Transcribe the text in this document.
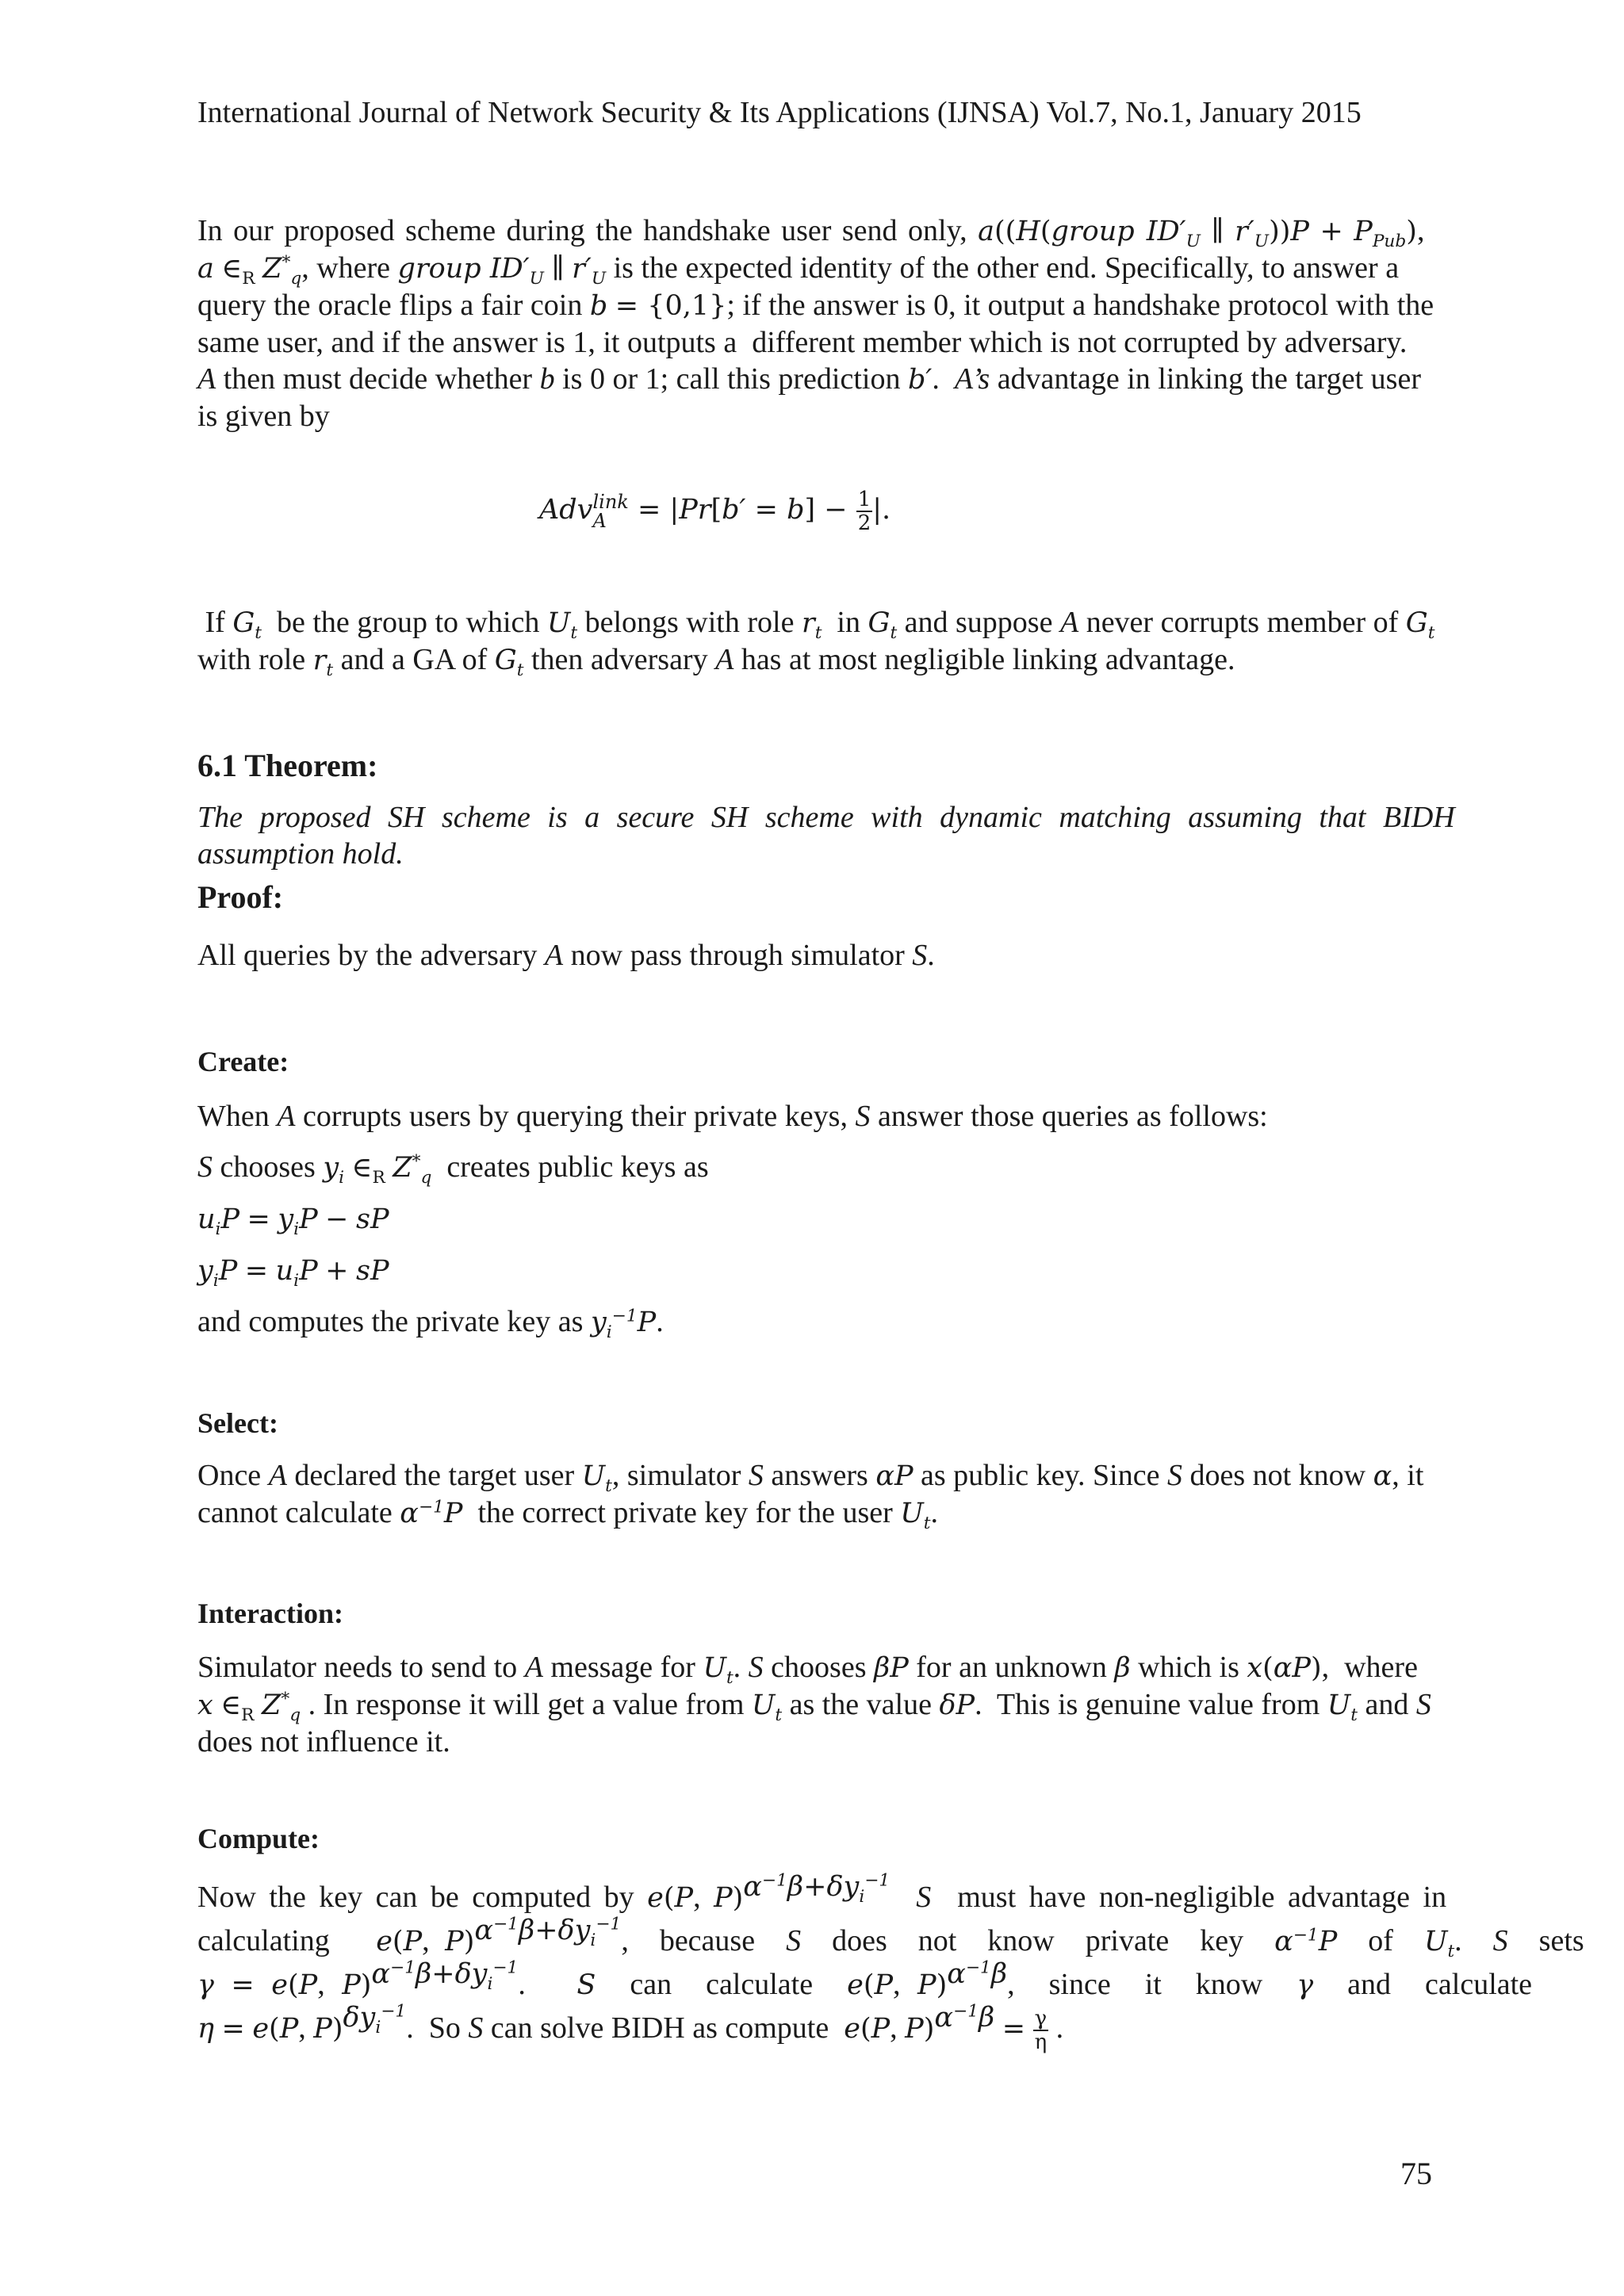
International Journal of Network Security & Its Applications (IJNSA) Vol.7, No.1, January 2015
In our proposed scheme during the handshake user send only, a((H(group $ID'_U$ ∥ $r'_U))P + P_{Pub}$),
a $\in_R$ $Z^*_q$, where group $ID'_U$ ∥ $r'_U$ is the expected identity of the other end. Specifically, to answer a
query the oracle flips a fair coin b = {0,1}; if the answer is 0, it output a handshake protocol with the
same user, and if the answer is 1, it outputs a  different member which is not corrupted by adversary.
A then must decide whether b is 0 or 1; call this prediction b′.  A’s advantage in linking the target user
is given by
Adv link
$A = |Pr[b' = b] - \frac{1}{2}$ |.
If $G_t$  be the group to which $U_t$ belongs with role $r_t$  in $G_t$ and suppose A never corrupts member of $G_t$
with role $r_t$ and a GA of $G_t$ then adversary A has at most negligible linking advantage.
6.1 Theorem:
The proposed SH scheme is a secure SH scheme with dynamic matching assuming that BIDH
assumption hold.
Proof:
All queries by the adversary A now pass through simulator S.
Create:
When A corrupts users by querying their private keys, S answer those queries as follows:
S chooses $y_i$ $\in_R$ $Z^*_q$  creates public keys as
$u_iP = y_iP$ − sP
$y_iP = u_iP$ + sP
and computes the private key as $y_i^{-1}P$.
Select:
Once A declared the target user $U_t$, simulator S answers αP as public key. Since S does not know α, it
cannot calculate $\alpha^{-1}P$  the correct private key for the user $U_t$.
Interaction:
Simulator needs to send to A message for $U_t$. S chooses βP for an unknown β which is x(αP),  where
x $\in_R$ $Z^*_q$ . In response it will get a value from $U_t$ as the value δP.  This is genuine value from $U_t$ and S
does not influence it.
Compute:
Now the key can be computed by e(P, P)$^{\alpha^{-1}\beta+\delta y_i^{-1}}$ S  must have non-negligible advantage in
calculating   e(P, P)$^{\alpha^{-1}\beta+\delta y_i^{-1}}$,  because  S  does  not  know  private  key  $\alpha^{-1}P$  of  $U_t$.  S  sets
γ = e(P, P)$^{\alpha^{-1}\beta+\delta y_i^{-1}}$.   S  can  calculate  e(P, P)$^{\alpha^{-1}\beta}$,  since  it  know  γ  and  calculate
η = e(P, P)$^{\delta y_i^{-1}}$.  So S can solve BIDH as compute  e(P, $P)^{\alpha^{-1}\beta} = \frac{\gamma}{\eta}$ .
75
